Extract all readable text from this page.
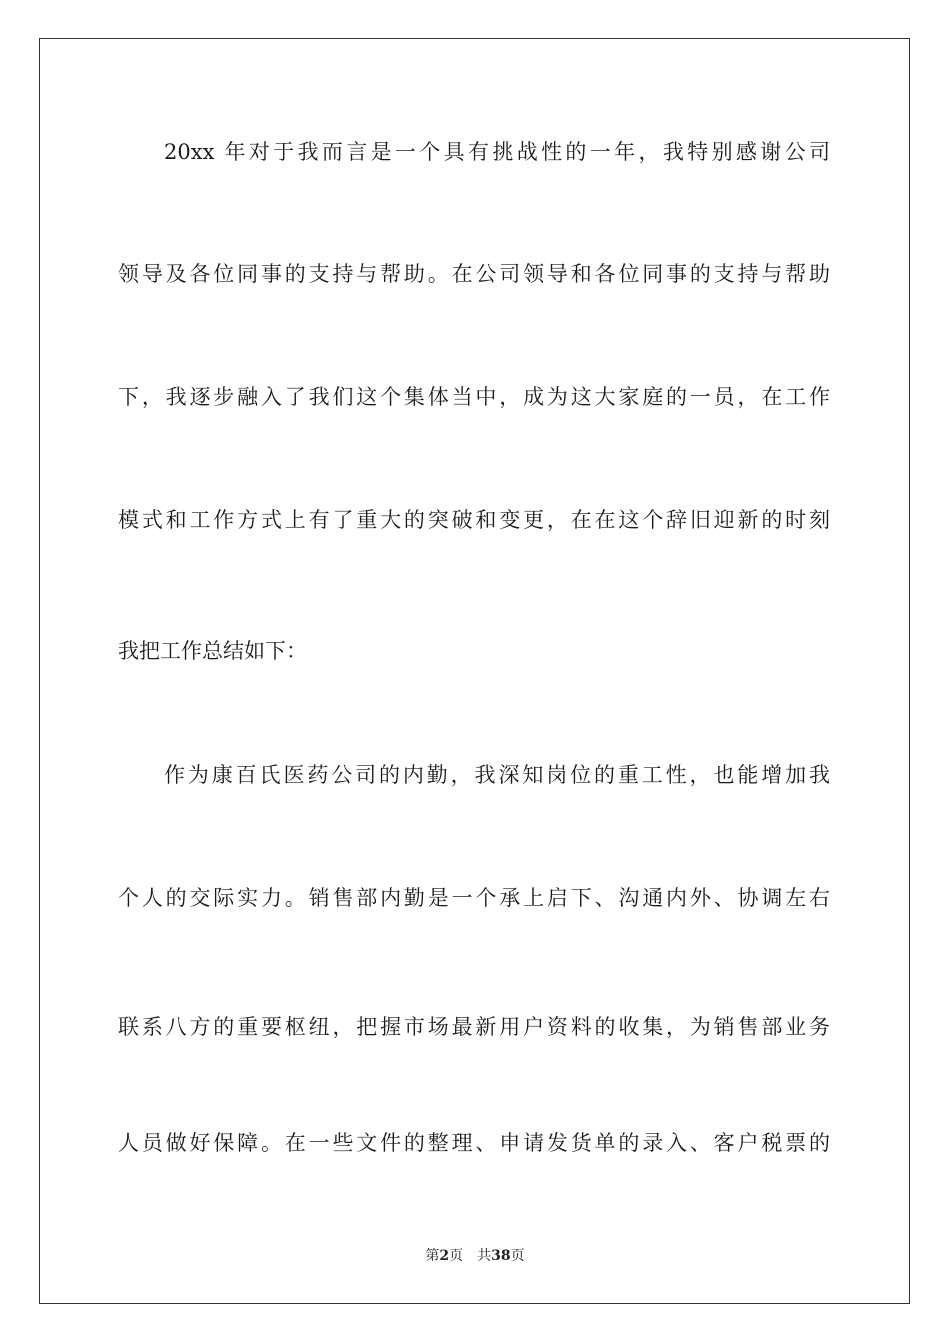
20xx 年对于我而言是一个具有挑战性的一年，我特别感谢公司
领导及各位同事的支持与帮助。在公司领导和各位同事的支持与帮助
下，我逐步融入了我们这个集体当中，成为这大家庭的一员，在工作
模式和工作方式上有了重大的突破和变更，在在这个辞旧迎新的时刻
我把工作总结如下：
作为康百氏医药公司的内勤，我深知岗位的重工性，也能增加我
个人的交际实力。销售部内勤是一个承上启下、沟通内外、协调左右
联系八方的重要枢纽，把握市场最新用户资料的收集，为销售部业务
人员做好保障。在一些文件的整理、申请发货单的录入、客户税票的
第2页 共38页
